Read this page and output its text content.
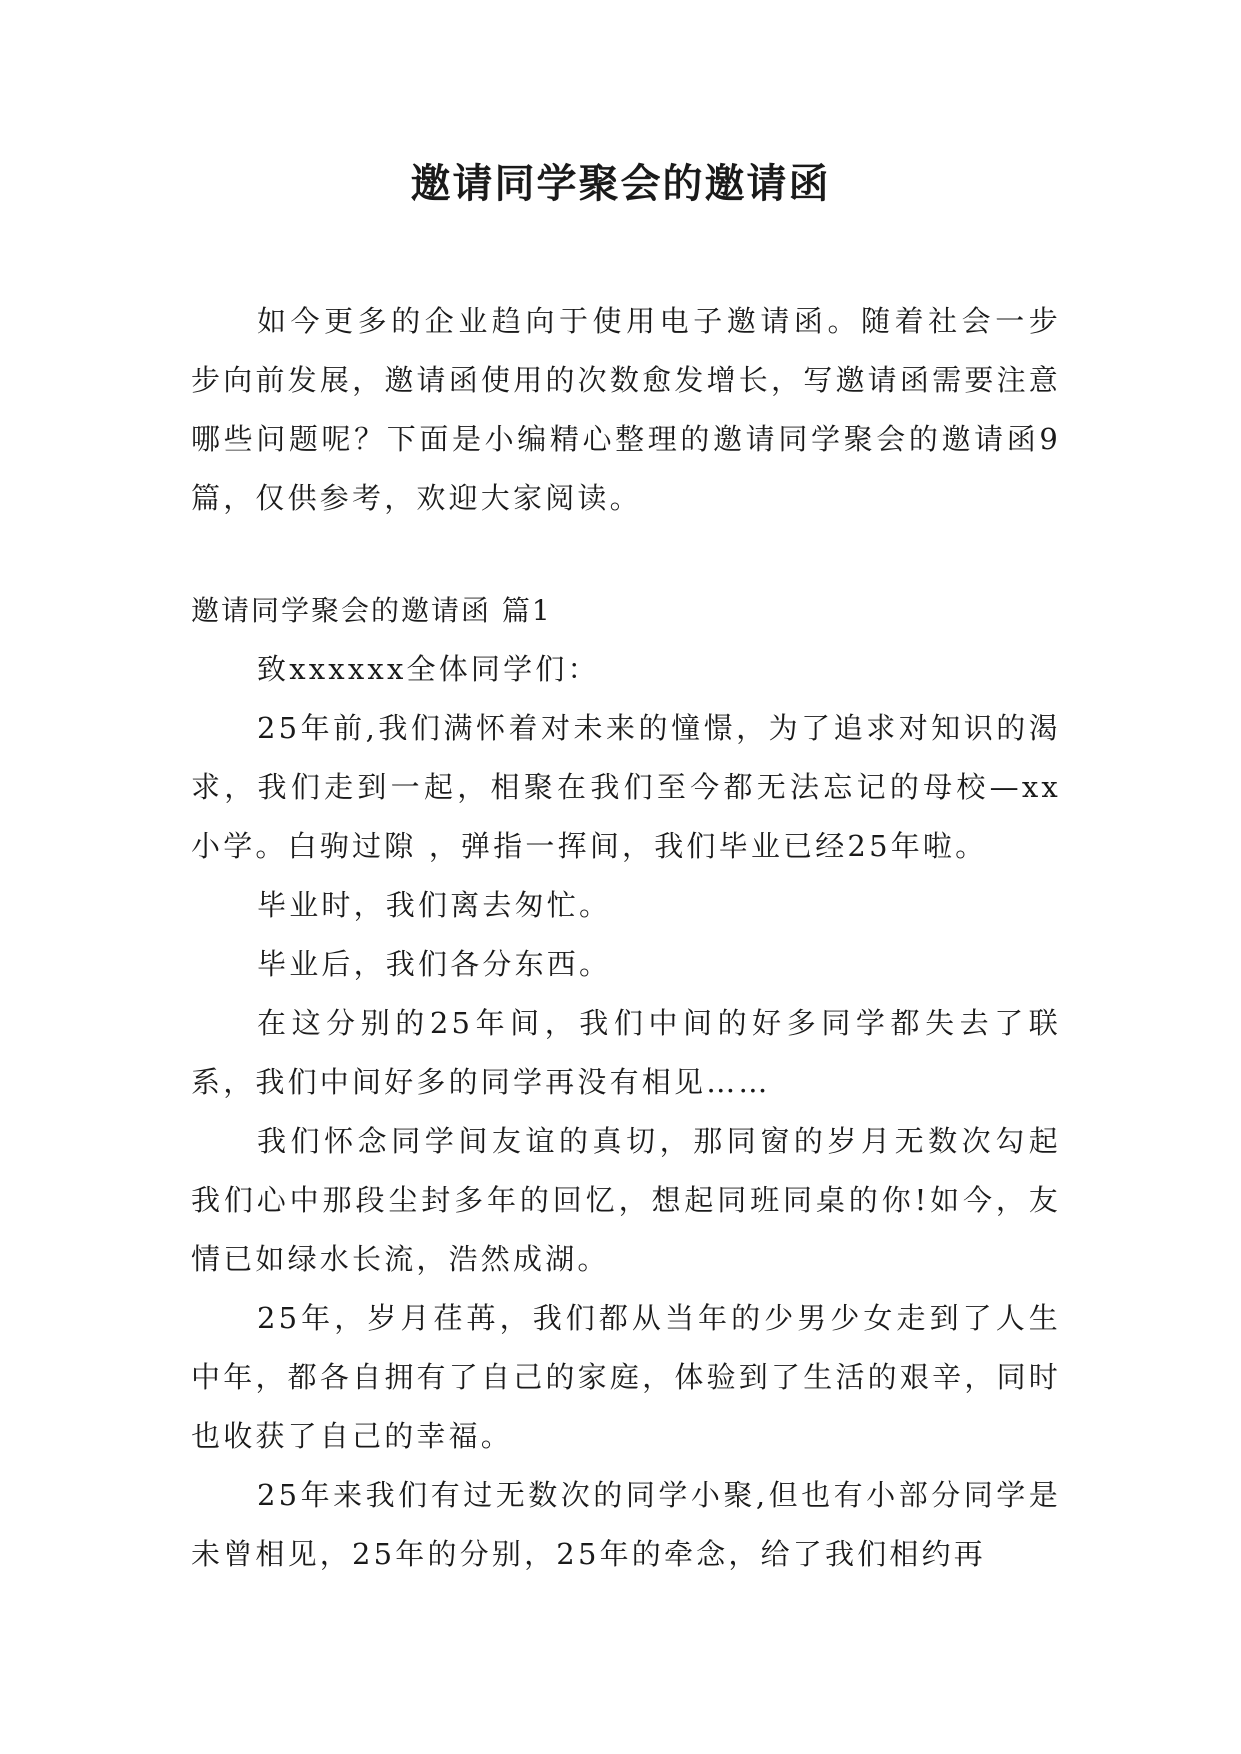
邀请同学聚会的邀请函

如今更多的企业趋向于使用电子邀请函。随着社会一步步向前发展，邀请函使用的次数愈发增长，写邀请函需要注意哪些问题呢？下面是小编精心整理的邀请同学聚会的邀请函9篇，仅供参考，欢迎大家阅读。

邀请同学聚会的邀请函 篇1

致xxxxxx全体同学们：

25年前,我们满怀着对未来的憧憬，为了追求对知识的渴求，我们走到一起，相聚在我们至今都无法忘记的母校—xx小学。白驹过隙 ，弹指一挥间，我们毕业已经25年啦。

毕业时，我们离去匆忙。

毕业后，我们各分东西。

在这分别的25年间，我们中间的好多同学都失去了联系，我们中间好多的同学再没有相见……

我们怀念同学间友谊的真切，那同窗的岁月无数次勾起我们心中那段尘封多年的回忆，想起同班同桌的你!如今，友情已如绿水长流，浩然成湖。

25年，岁月荏苒，我们都从当年的少男少女走到了人生中年，都各自拥有了自己的家庭，体验到了生活的艰辛，同时也收获了自己的幸福。

25年来我们有过无数次的同学小聚,但也有小部分同学是未曾相见，25年的分别，25年的牵念，给了我们相约再
